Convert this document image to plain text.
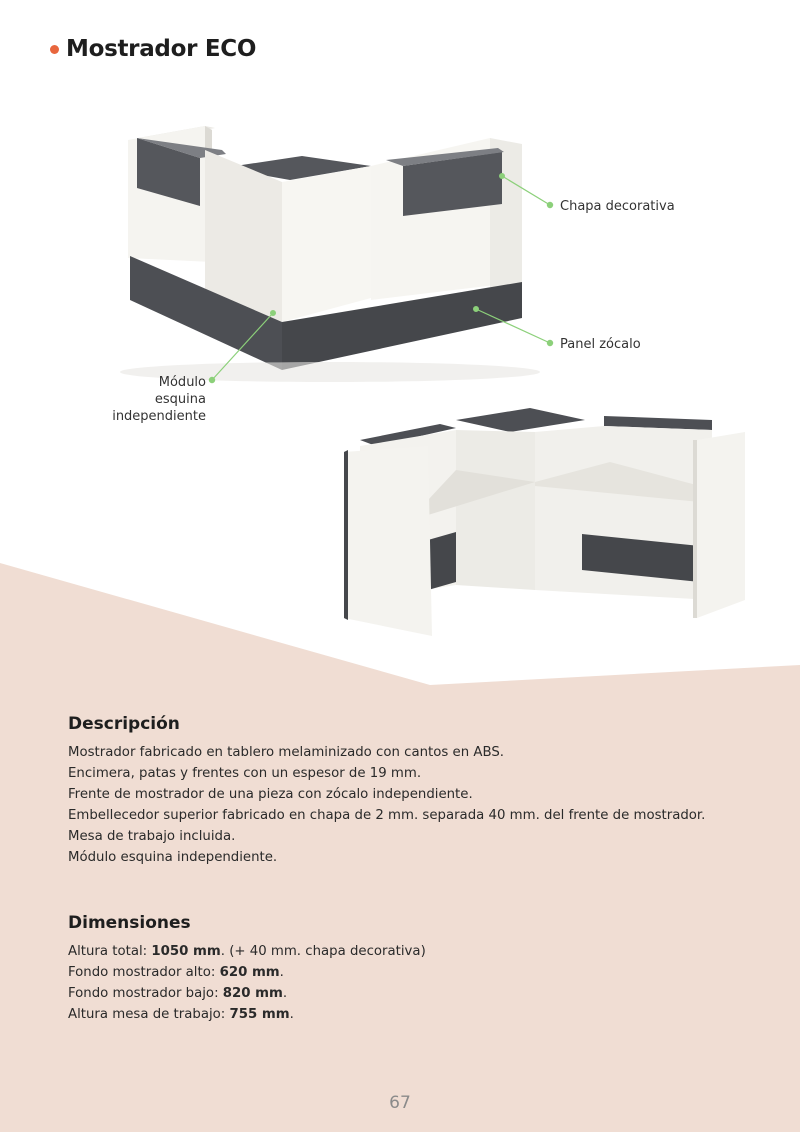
Mostrador ECO
Chapa decorativa
Panel zócalo
Módulo esquina
independiente
Descripción
Mostrador fabricado en tablero melaminizado con cantos en ABS.
Encimera, patas y frentes con un espesor de 19 mm.
Frente de mostrador de una pieza con zócalo independiente.
Embellecedor superior fabricado en chapa de 2 mm. separada 40 mm. del frente de mostrador.
Mesa de trabajo incluida.
Módulo esquina independiente.
Dimensiones
Altura total: 1050 mm. (+ 40 mm. chapa decorativa)
Fondo mostrador alto: 620 mm.
Fondo mostrador bajo: 820 mm.
Altura mesa de trabajo: 755 mm.
67
